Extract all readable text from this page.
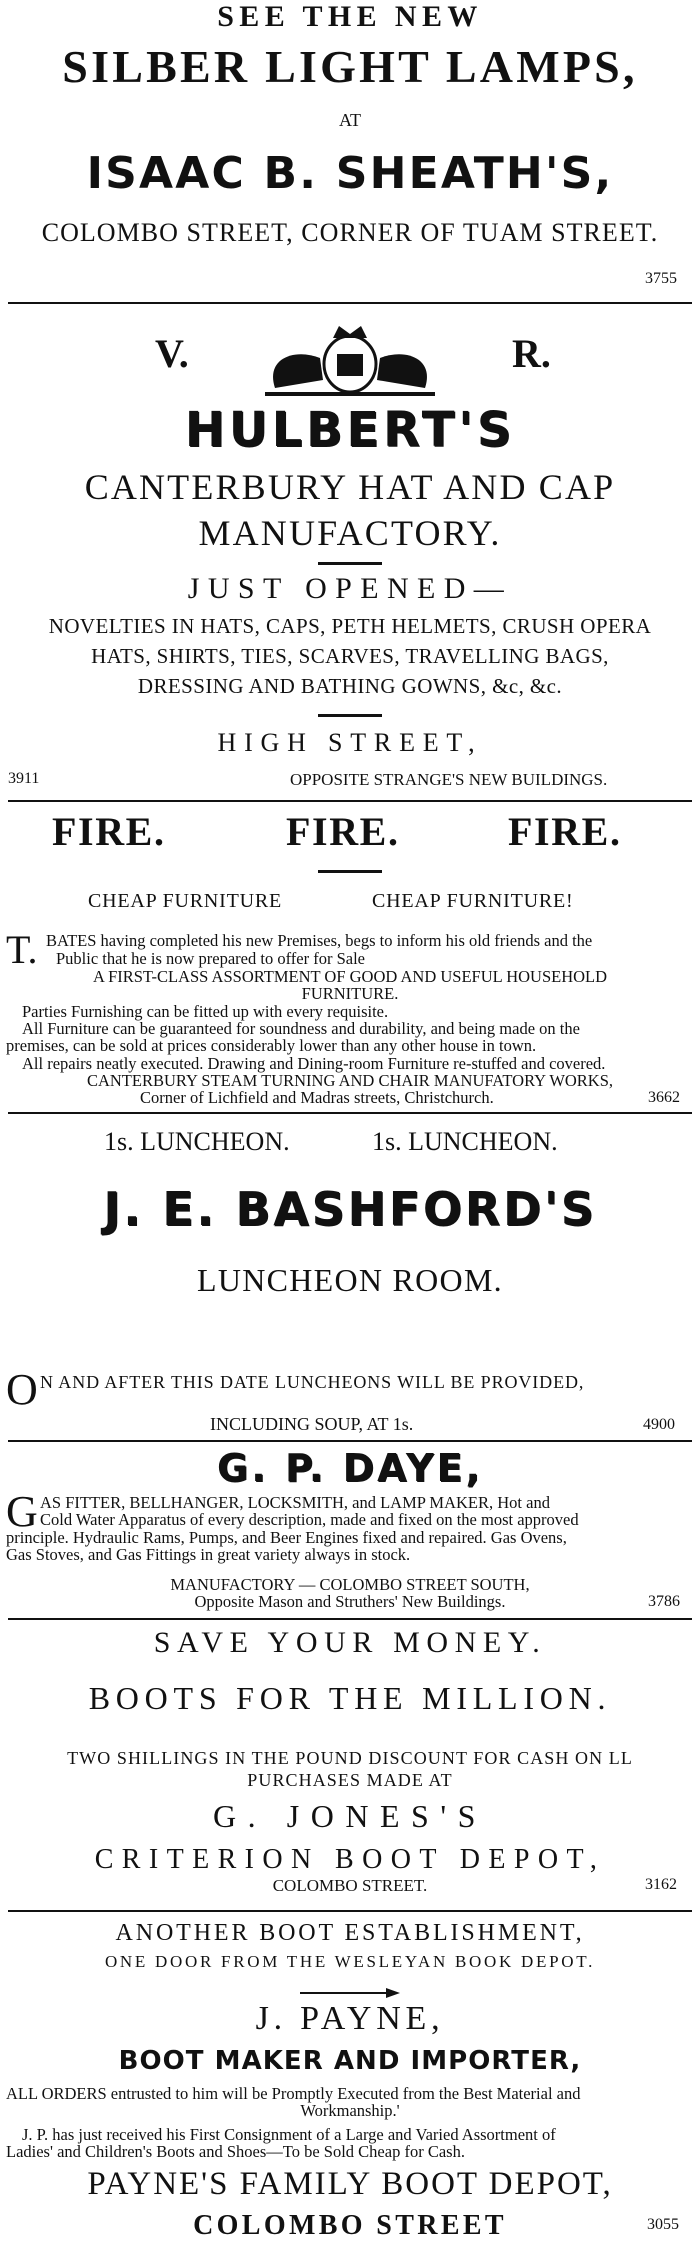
SEE THE NEW
SILBER LIGHT LAMPS,
AT
ISAAC B. SHEATH'S,
COLOMBO STREET, CORNER OF TUAM STREET.
3755
V.	R.
HULBERT'S
CANTERBURY HAT AND CAP
MANUFACTORY.
JUST OPENED—
NOVELTIES IN HATS, CAPS, PETH HELMETS, CRUSH OPERA
HATS, SHIRTS, TIES, SCARVES, TRAVELLING BAGS,
DRESSING AND BATHING GOWNS, &c, &c.
HIGH STREET,
3911	OPPOSITE STRANGE'S NEW BUILDINGS.
FIRE.	FIRE.	FIRE.
CHEAP FURNITURE	CHEAP FURNITURE!
T. BATES having completed his new Premises, begs to inform his old friends and the
Public that he is now prepared to offer for Sale
A FIRST-CLASS ASSORTMENT OF GOOD AND USEFUL HOUSEHOLD
FURNITURE.
Parties Furnishing can be fitted up with every requisite.
All Furniture can be guaranteed for soundness and durability, and being made on the
premises, can be sold at prices considerably lower than any other house in town.
All repairs neatly executed. Drawing and Dining-room Furniture re-stuffed and covered.
CANTERBURY STEAM TURNING AND CHAIR MANUFATORY WORKS,
Corner of Lichfield and Madras streets, Christchurch.	3662
1s. LUNCHEON.	1s. LUNCHEON.
J. E. BASHFORD'S
LUNCHEON ROOM.
O N AND AFTER THIS DATE LUNCHEONS WILL BE PROVIDED,
INCLUDING SOUP, AT 1s.	4900
G. P. DAYE,
G AS FITTER, BELLHANGER, LOCKSMITH, and LAMP MAKER, Hot and
Cold Water Apparatus of every description, made and fixed on the most approved
principle. Hydraulic Rams, Pumps, and Beer Engines fixed and repaired. Gas Ovens,
Gas Stoves, and Gas Fittings in great variety always in stock.
MANUFACTORY — COLOMBO STREET SOUTH,
Opposite Mason and Struthers' New Buildings.	3786
SAVE YOUR MONEY.
BOOTS FOR THE MILLION.
TWO SHILLINGS IN THE POUND DISCOUNT FOR CASH ON LL
PURCHASES MADE AT
G. JONES'S
CRITERION BOOT DEPOT,
COLOMBO STREET.	3162
ANOTHER BOOT ESTABLISHMENT,
ONE DOOR FROM THE WESLEYAN BOOK DEPOT.
J. PAYNE,
BOOT MAKER AND IMPORTER,
ALL ORDERS entrusted to him will be Promptly Executed from the Best Material and
Workmanship.'
J. P. has just received his First Consignment of a Large and Varied Assortment of
Ladies' and Children's Boots and Shoes—To be Sold Cheap for Cash.
PAYNE'S FAMILY BOOT DEPOT,
COLOMBO STREET	3055
